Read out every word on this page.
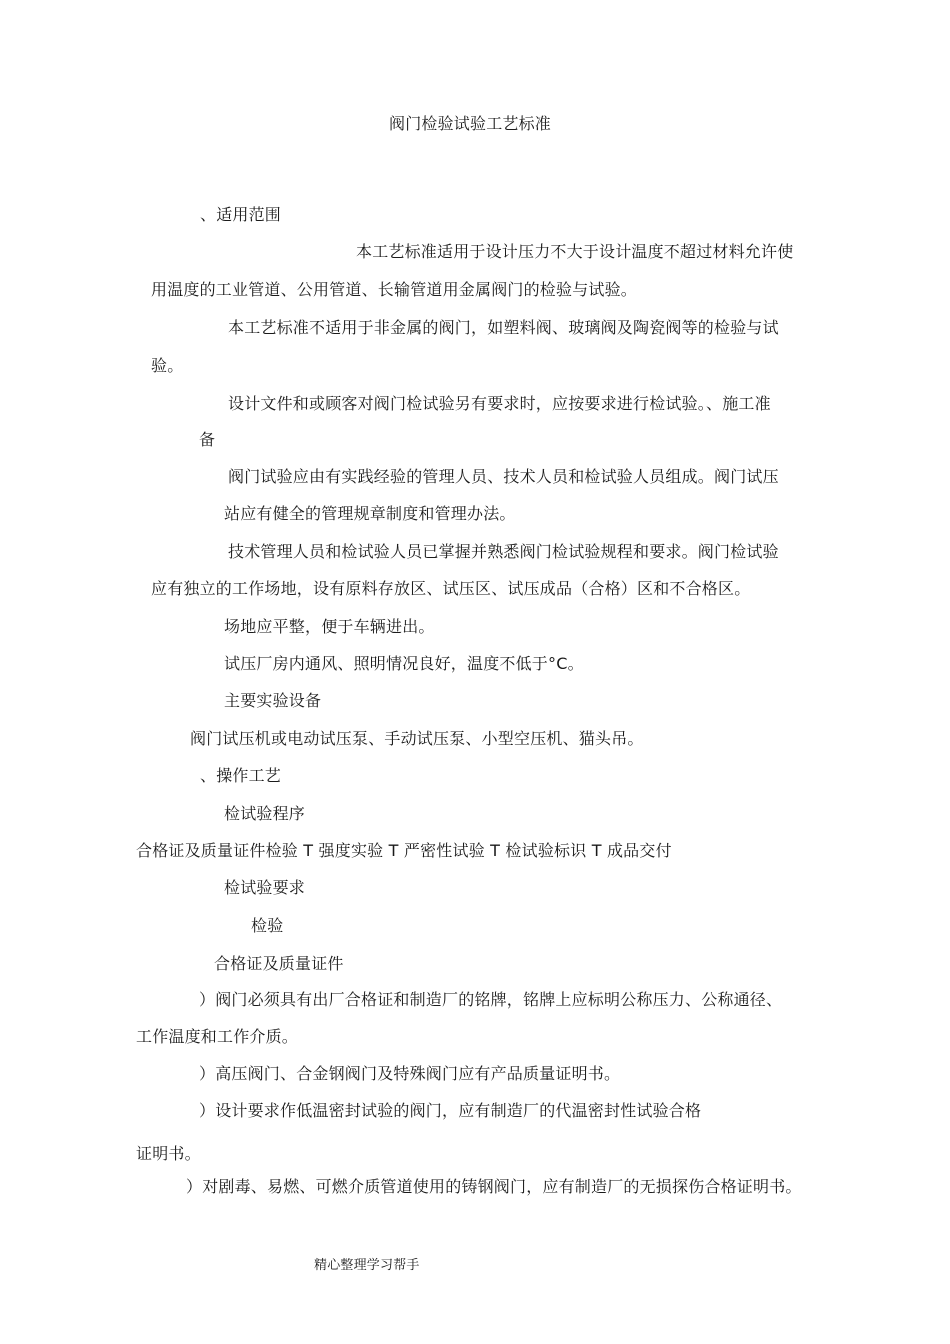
阀门检验试验工艺标准
、适用范围
本工艺标准适用于设计压力不大于设计温度不超过材料允许使
用温度的工业管道、公用管道、长输管道用金属阀门的检验与试验。
本工艺标准不适用于非金属的阀门，如塑料阀、玻璃阀及陶瓷阀等的检验与试
验。
设计文件和或顾客对阀门检试验另有要求时，应按要求进行检试验。、施工准
备
阀门试验应由有实践经验的管理人员、技术人员和检试验人员组成。阀门试压
站应有健全的管理规章制度和管理办法。
技术管理人员和检试验人员已掌握并熟悉阀门检试验规程和要求。阀门检试验
应有独立的工作场地，设有原料存放区、试压区、试压成品（合格）区和不合格区。
场地应平整，便于车辆进出。
试压厂房内通风、照明情况良好，温度不低于°C。
主要实验设备
阀门试压机或电动试压泵、手动试压泵、小型空压机、猫头吊。
、操作工艺
检试验程序
合格证及质量证件检验 T 强度实验 T 严密性试验 T 检试验标识 T 成品交付
检试验要求
检验
合格证及质量证件
）阀门必须具有出厂合格证和制造厂的铭牌，铭牌上应标明公称压力、公称通径、
工作温度和工作介质。
）高压阀门、合金钢阀门及特殊阀门应有产品质量证明书。
）设计要求作低温密封试验的阀门，应有制造厂的代温密封性试验合格
证明书。
）对剧毒、易燃、可燃介质管道使用的铸钢阀门，应有制造厂的无损探伤合格证明书。
精心整理学习帮手
